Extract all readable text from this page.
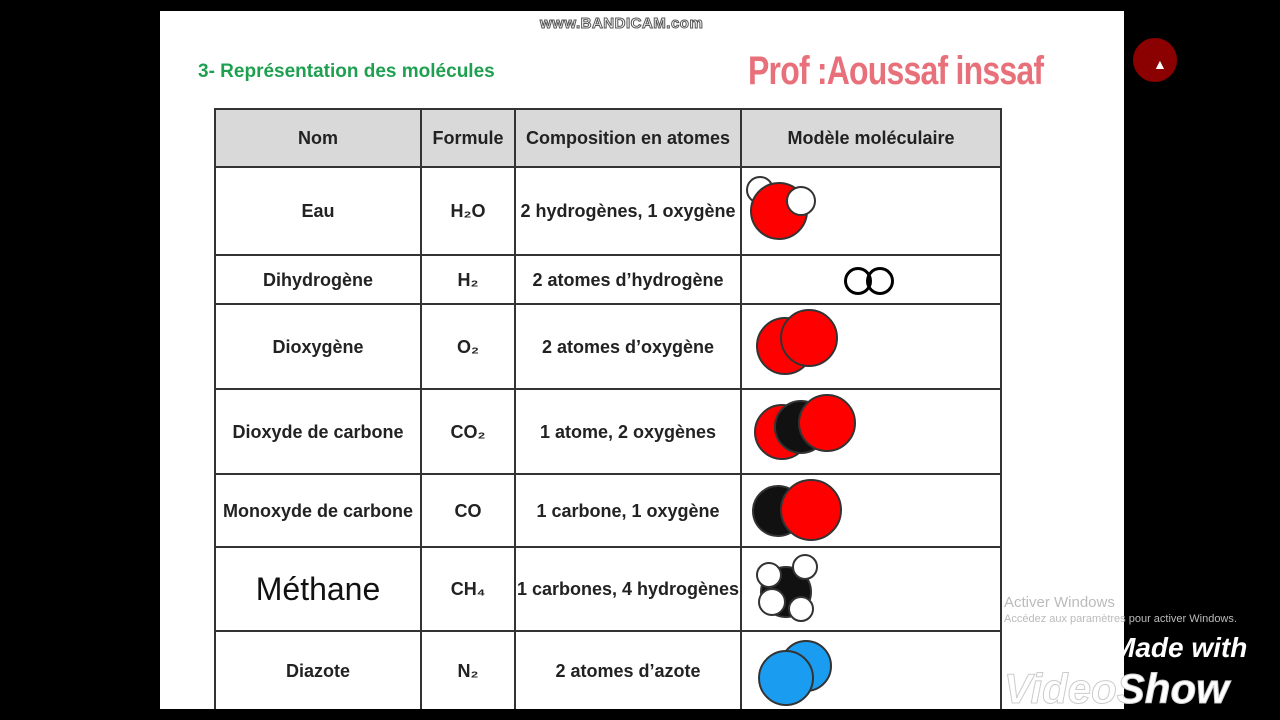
www.BANDICAM.com
3- Représentation des molécules	Prof :Aoussaf inssaf
Nom	Formule	Composition en atomes	Modèle moléculaire
Eau	H₂O	2 hydrogènes, 1 oxygène	

Dihydrogène	H₂	2 atomes d’hydrogène	

Dioxygène	O₂	2 atomes d’oxygène	

Dioxyde de carbone	CO₂	1 atome, 2 oxygènes	

Monoxyde de carbone	CO	1 carbone, 1 oxygène	

Méthane	CH₄	1 carbones, 4 hydrogènes	

Diazote	N₂	2 atomes d’azote	
Activer Windows
Accédez aux paramètres pour activer Windows.
Made with
VideoShow
▲
